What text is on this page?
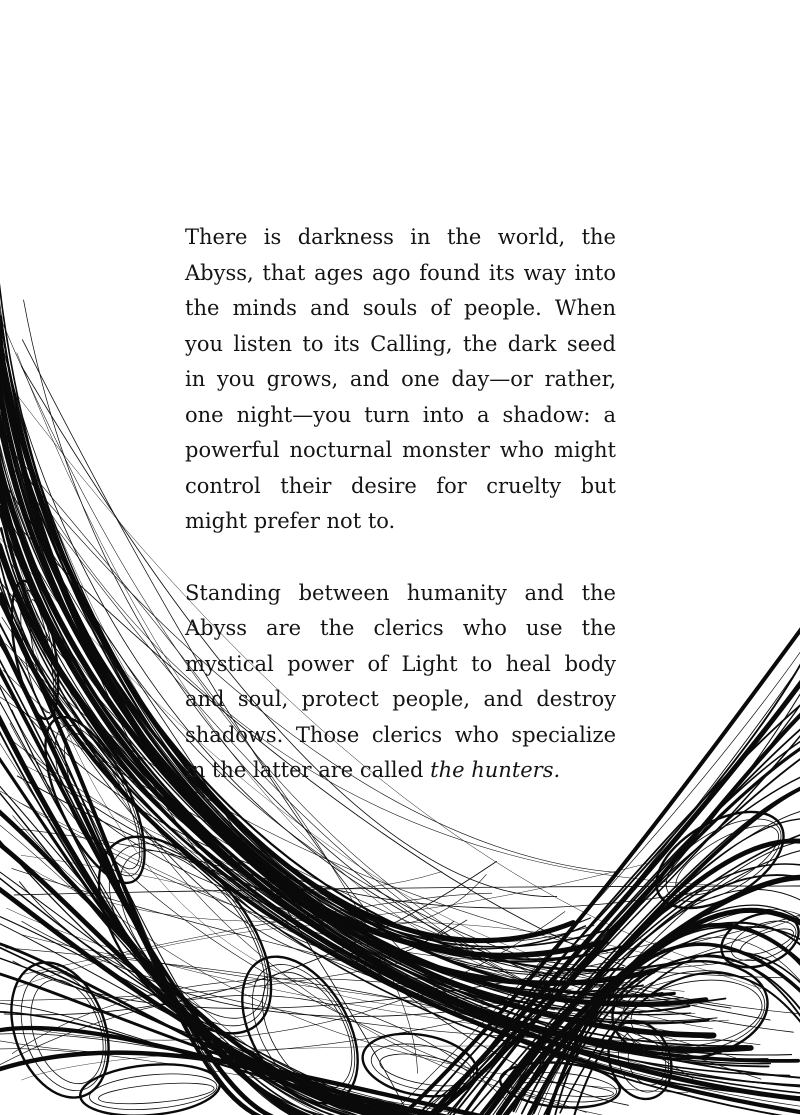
There is darkness in the world, the Abyss, that ages ago found its way into the minds and souls of people. When you listen to its Calling, the dark seed in you grows, and one day—or rather, one night—you turn into a shadow: a powerful nocturnal monster who might control their desire for cruelty but might prefer not to.

Standing between humanity and the Abyss are the clerics who use the mystical power of Light to heal body and soul, protect people, and destroy shadows. Those clerics who specialize in the latter are called the hunters.
